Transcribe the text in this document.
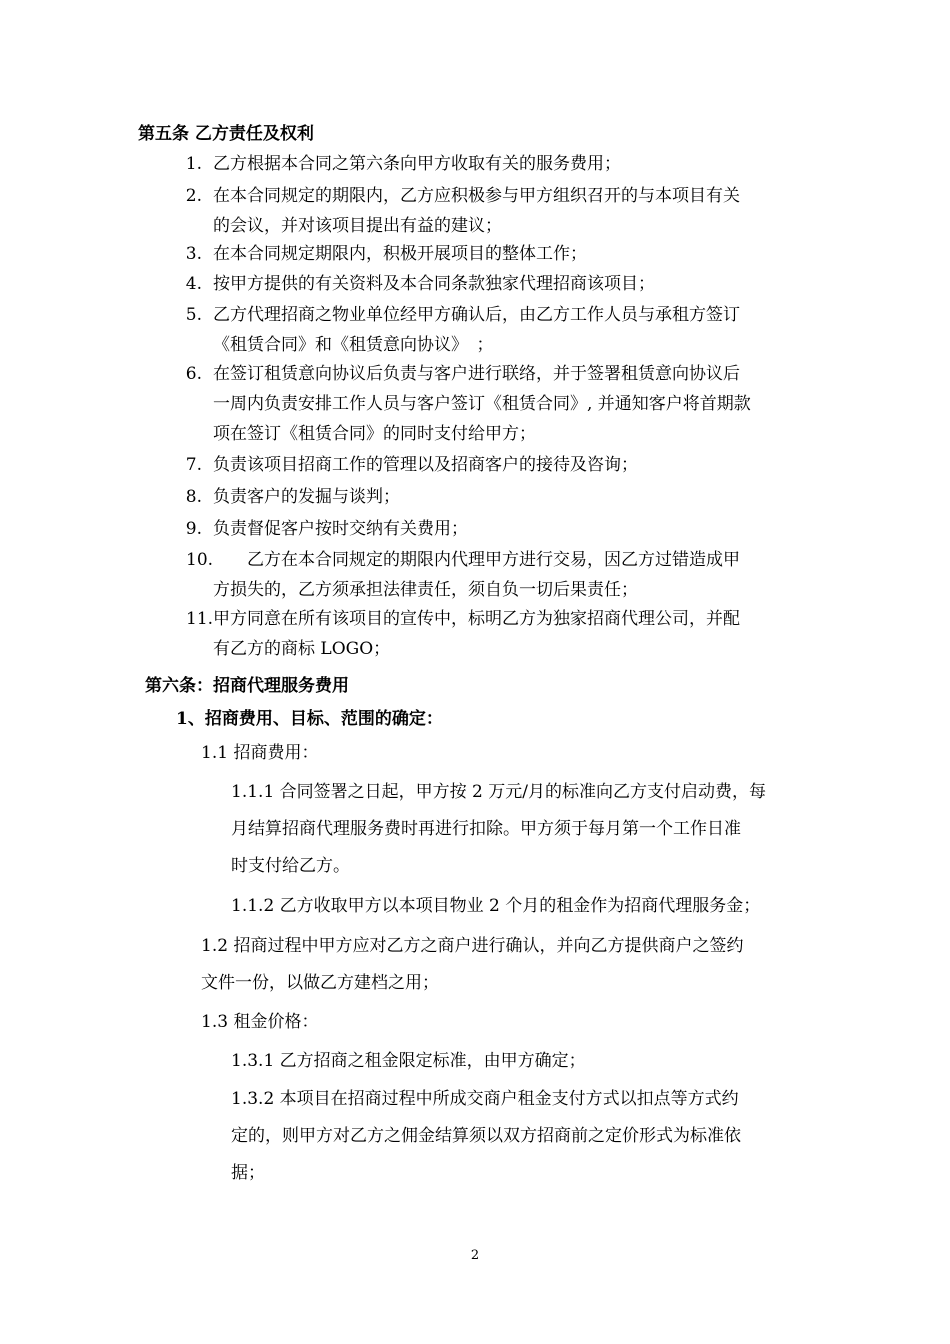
第五条 乙方责任及权利
1. 乙方根据本合同之第六条向甲方收取有关的服务费用；
2. 在本合同规定的期限内，乙方应积极参与甲方组织召开的与本项目有关
的会议，并对该项目提出有益的建议；
3. 在本合同规定期限内，积极开展项目的整体工作；
4. 按甲方提供的有关资料及本合同条款独家代理招商该项目；
5. 乙方代理招商之物业单位经甲方确认后，由乙方工作人员与承租方签订
《租赁合同》和《租赁意向协议》　；
6. 在签订租赁意向协议后负责与客户进行联络，并于签署租赁意向协议后
一周内负责安排工作人员与客户签订《租赁合同》, 并通知客户将首期款
项在签订《租赁合同》的同时支付给甲方；
7. 负责该项目招商工作的管理以及招商客户的接待及咨询；
8. 负责客户的发掘与谈判；
9. 负责督促客户按时交纳有关费用；
10.	　　乙方在本合同规定的期限内代理甲方进行交易，因乙方过错造成甲
方损失的，乙方须承担法律责任，须自负一切后果责任；
11. 甲方同意在所有该项目的宣传中，标明乙方为独家招商代理公司，并配
有乙方的商标 LOGO；
第六条：招商代理服务费用
1、招商费用、目标、范围的确定：
1.1 招商费用：
1.1.1 合同签署之日起，甲方按 2 万元/月的标准向乙方支付启动费，每
月结算招商代理服务费时再进行扣除。甲方须于每月第一个工作日准
时支付给乙方。
1.1.2 乙方收取甲方以本项目物业 2 个月的租金作为招商代理服务金；
1.2 招商过程中甲方应对乙方之商户进行确认，并向乙方提供商户之签约
文件一份，以做乙方建档之用；
1.3 租金价格：
1.3.1 乙方招商之租金限定标准，由甲方确定；
1.3.2 本项目在招商过程中所成交商户租金支付方式以扣点等方式约
定的，则甲方对乙方之佣金结算须以双方招商前之定价形式为标准依
据；
2
